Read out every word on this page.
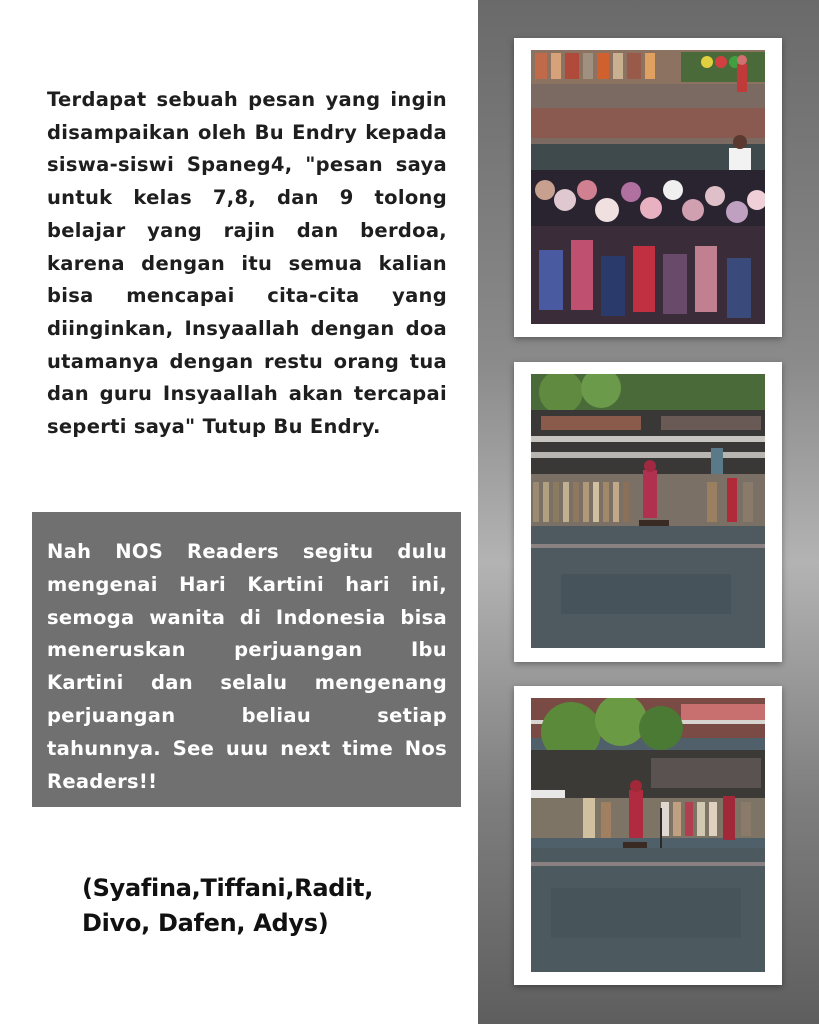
Terdapat sebuah pesan yang ingin disampaikan oleh Bu Endry kepada siswa-siswi Spaneg4, "pesan saya untuk kelas 7,8, dan 9 tolong belajar yang rajin dan berdoa, karena dengan itu semua kalian bisa mencapai cita-cita yang diinginkan, Insyaallah dengan doa utamanya dengan restu orang tua dan guru Insyaallah akan tercapai seperti saya" Tutup Bu Endry.

Nah NOS Readers segitu dulu mengenai Hari Kartini hari ini, semoga wanita di Indonesia bisa meneruskan perjuangan Ibu Kartini dan selalu mengenang perjuangan beliau setiap tahunnya. See uuu next time Nos Readers!!

(Syafina,Tiffani,Radit,
Divo, Dafen, Adys)
